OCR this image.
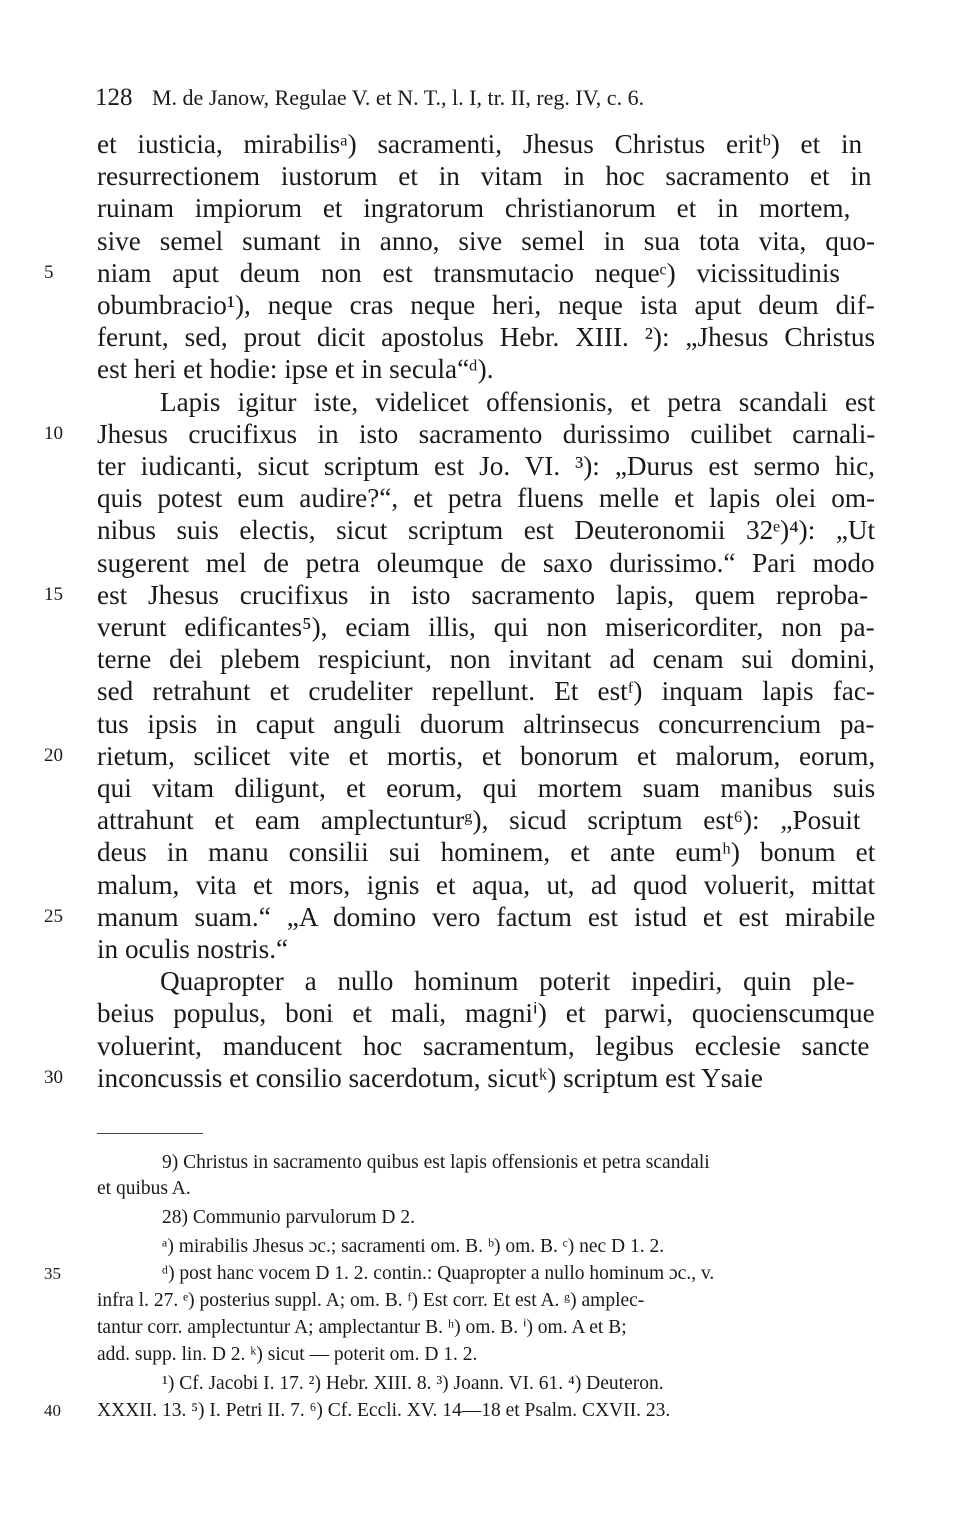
128 M. de Janow, Regulae V. et N. T., l. I, tr. II, reg. IV, c. 6.
et iusticia, mirabilisᵃ) sacramenti, Jhesus Christus eritᵇ) et in
resurrectionem iustorum et in vitam in hoc sacramento et in
ruinam impiorum et ingratorum christianorum et in mortem,
sive semel sumant in anno, sive semel in sua tota vita, quo-
niam aput deum non est transmutacio nequeᶜ) vicissitudinis
5
obumbracio¹), neque cras neque heri, neque ista aput deum dif-
ferunt, sed, prout dicit apostolus Hebr. XIII. ²): „Jhesus Christus
est heri et hodie: ipse et in secula“ᵈ).
Lapis igitur iste, videlicet offensionis, et petra scandali est
Jhesus crucifixus in isto sacramento durissimo cuilibet carnali-
10
ter iudicanti, sicut scriptum est Jo. VI. ³): „Durus est sermo hic,
quis potest eum audire?“, et petra fluens melle et lapis olei om-
nibus suis electis, sicut scriptum est Deuteronomii 32ᵉ)⁴): „Ut
sugerent mel de petra oleumque de saxo durissimo.“ Pari modo
est Jhesus crucifixus in isto sacramento lapis, quem reproba-
15
verunt edificantes⁵), eciam illis, qui non misericorditer, non pa-
terne dei plebem respiciunt, non invitant ad cenam sui domini,
sed retrahunt et crudeliter repellunt. Et estᶠ) inquam lapis fac-
tus ipsis in caput anguli duorum altrinsecus concurrencium pa-
rietum, scilicet vite et mortis, et bonorum et malorum, eorum,
20
qui vitam diligunt, et eorum, qui mortem suam manibus suis
attrahunt et eam amplectunturᵍ), sicud scriptum est⁶): „Posuit
deus in manu consilii sui hominem, et ante eumʰ) bonum et
malum, vita et mors, ignis et aqua, ut, ad quod voluerit, mittat
manum suam.“ „A domino vero factum est istud et est mirabile
25
in oculis nostris.“
Quapropter a nullo hominum poterit inpediri, quin ple-
beius populus, boni et mali, magniⁱ) et parwi, quocienscumque
voluerint, manducent hoc sacramentum, legibus ecclesie sancte
inconcussis et consilio sacerdotum, sicutᵏ) scriptum est Ysaie
30
9) Christus in sacramento quibus est lapis offensionis et petra scandali
et quibus A.
28) Communio parvulorum D 2.
ᵃ) mirabilis Jhesus ɔc.; sacramenti om. B. ᵇ) om. B. ᶜ) nec D 1. 2.
ᵈ) post hanc vocem D 1. 2. contin.: Quapropter a nullo hominum ɔc., v.
35
infra l. 27. ᵉ) posterius suppl. A; om. B. ᶠ) Est corr. Et est A. ᵍ) amplec-
tantur corr. amplectuntur A; amplectantur B. ʰ) om. B. ⁱ) om. A et B;
add. supp. lin. D 2. ᵏ) sicut — poterit om. D 1. 2.
¹) Cf. Jacobi I. 17. ²) Hebr. XIII. 8. ³) Joann. VI. 61. ⁴) Deuteron.
XXXII. 13. ⁵) I. Petri II. 7. ⁶) Cf. Eccli. XV. 14—18 et Psalm. CXVII. 23.
40
